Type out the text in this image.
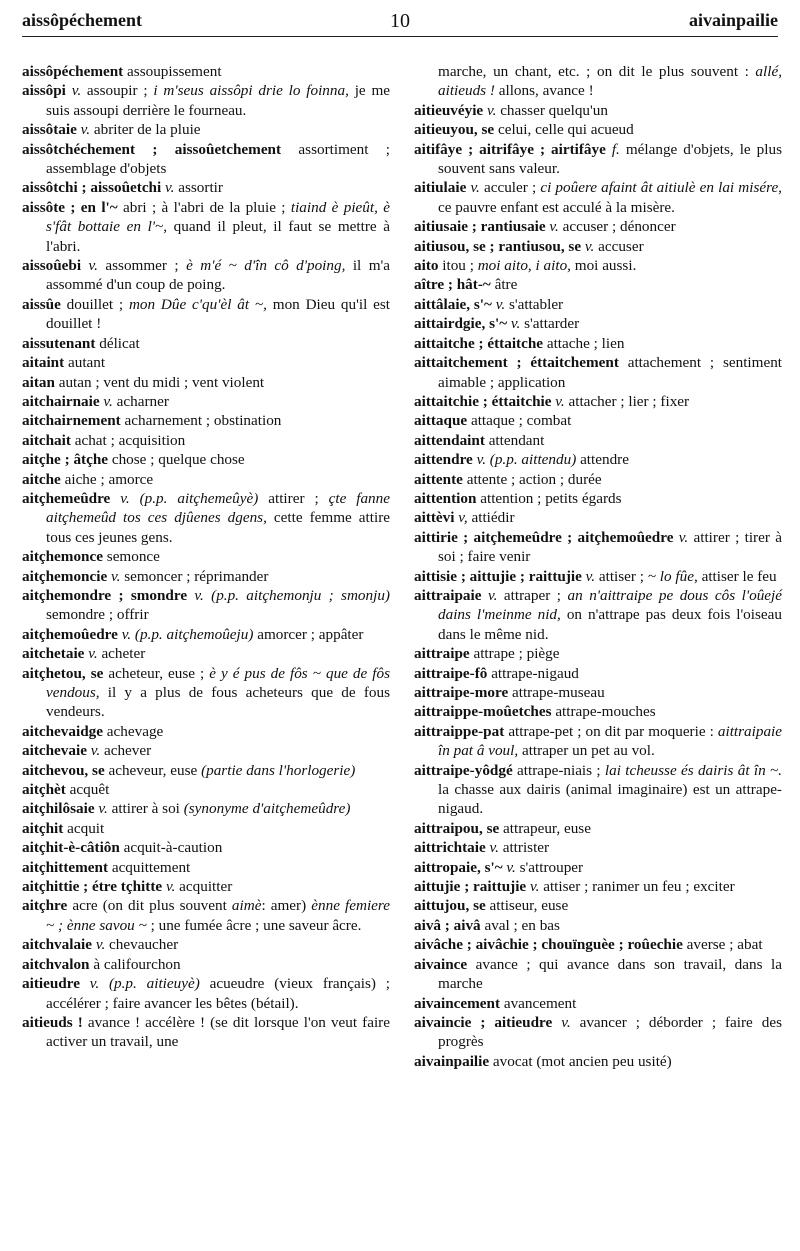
aissôpéchement	10	aivainpailie

aissôpéchement assoupissement

aissôpi v. assoupir ; i m'seus aissôpi drie lo foinna, je me suis assoupi derrière le fourneau.

aissôtaie v. abriter de la pluie

aissôtchéchement ; aissoûetchement assortiment ; assemblage d'objets

aissôtchi ; aissoûetchi v. assortir

aissôte ; en l'~ abri ; à l'abri de la pluie ; tiaind è pieût, è s'fât bottaie en l'~, quand il pleut, il faut se mettre à l'abri.

aissoûebi v. assommer ; è m'é ~ d'în cô d'poing, il m'a assommé d'un coup de poing.

aissûe douillet ; mon Dûe c'qu'èl ât ~, mon Dieu qu'il est douillet !

aissutenant délicat

aitaint autant

aitan autan ; vent du midi ; vent violent

aitchairnaie v. acharner

aitchairnement acharnement ; obstination

aitchait achat ; acquisition

aitçhe ; âtçhe chose ; quelque chose

aitche aiche ; amorce

aitçhemeûdre v. (p.p. aitçhemeûyè) attirer ; çte fanne aitçhemeûd tos ces djûenes dgens, cette femme attire tous ces jeunes gens.

aitçhemonce semonce

aitçhemoncie v. semoncer ; réprimander

aitçhemondre ; smondre v. (p.p. aitçhemonju ; smonju) semondre ; offrir

aitçhemoûedre v. (p.p. aitçhemoûeju) amorcer ; appâter

aitchetaie v. acheter

aitçhetou, se acheteur, euse ; è y é pus de fôs ~ que de fôs vendous, il y a plus de fous acheteurs que de fous vendeurs.

aitchevaidge achevage

aitchevaie v. achever

aitchevou, se acheveur, euse (partie dans l'horlogerie)

aitçhèt acquêt

aitçhilôsaie v. attirer à soi (synonyme d'aitçhemeûdre)

aitçhit acquit

aitçhit-è-câtiôn acquit-à-caution

aitçhittement acquittement

aitçhittie ; étre tçhitte v. acquitter

aitçhre acre (on dit plus souvent aimè: amer) ènne femiere ~ ; ènne savou ~ ; une fumée âcre ; une saveur âcre.

aitchvalaie v. chevaucher

aitchvalon à califourchon

aitieudre v. (p.p. aitieuyè) acueudre (vieux français) ; accélérer ; faire avancer les bêtes (bétail).

aitieuds ! avance ! accélère ! (se dit lorsque l'on veut faire activer un travail, une

marche, un chant, etc. ; on dit le plus souvent : allé, aitieuds ! allons, avance !

aitieuvéyie v. chasser quelqu'un

aitieuyou, se celui, celle qui acueud

aitifâye ; aitrifâye ; airtifâye f. mélange d'objets, le plus souvent sans valeur.

aitiulaie v. acculer ; ci poûere afaint ât aitiulè en lai misére, ce pauvre enfant est acculé à la misère.

aitiusaie ; rantiusaie v. accuser ; dénoncer

aitiusou, se ; rantiusou, se v. accuser

aito itou ; moi aito, i aito, moi aussi.

aître ; hât-~ âtre

aittâlaie, s'~ v. s'attabler

aittairdgie, s'~ v. s'attarder

aittaitche ; éttaitche attache ; lien

aittaitchement ; éttaitchement attachement ; sentiment aimable ; application

aittaitchie ; éttaitchie v. attacher ; lier ; fixer

aittaque attaque ; combat

aittendaint attendant

aittendre v. (p.p. aittendu) attendre

aittente attente ; action ; durée

aittention attention ; petits égards

aittèvi v, attiédir

aittirie ; aitçhemeûdre ; aitçhemoûedre v. attirer ; tirer à soi ; faire venir

aittisie ; aittujie ; raittujie v. attiser ; ~ lo fûe, attiser le feu

aittraipaie v. attraper ; an n'aittraipe pe dous côs l'oûejé dains l'meinme nid, on n'attrape pas deux fois l'oiseau dans le même nid.

aittraipe attrape ; piège

aittraipe-fô attrape-nigaud

aittraipe-more attrape-museau

aittraippe-moûetches attrape-mouches

aittraippe-pat attrape-pet ; on dit par moquerie : aittraipaie în pat â voul, attraper un pet au vol.

aittraipe-yôdgé attrape-niais ; lai tcheusse és dairis ât în ~. la chasse aux dairis (animal imaginaire) est un attrape-nigaud.

aittraipou, se attrapeur, euse

aittrichtaie v. attrister

aittropaie, s'~ v. s'attrouper

aittujie ; raittujie v. attiser ; ranimer un feu ; exciter

aittujou, se attiseur, euse

aivâ ; aivâ aval ; en bas

aivâche ; aivâchie ; chouïnguèe ; roûechie averse ; abat

aivaince avance ; qui avance dans son travail, dans la marche

aivaincement avancement

aivaincie ; aitieudre v. avancer ; déborder ; faire des progrès

aivainpailie avocat (mot ancien peu usité)
